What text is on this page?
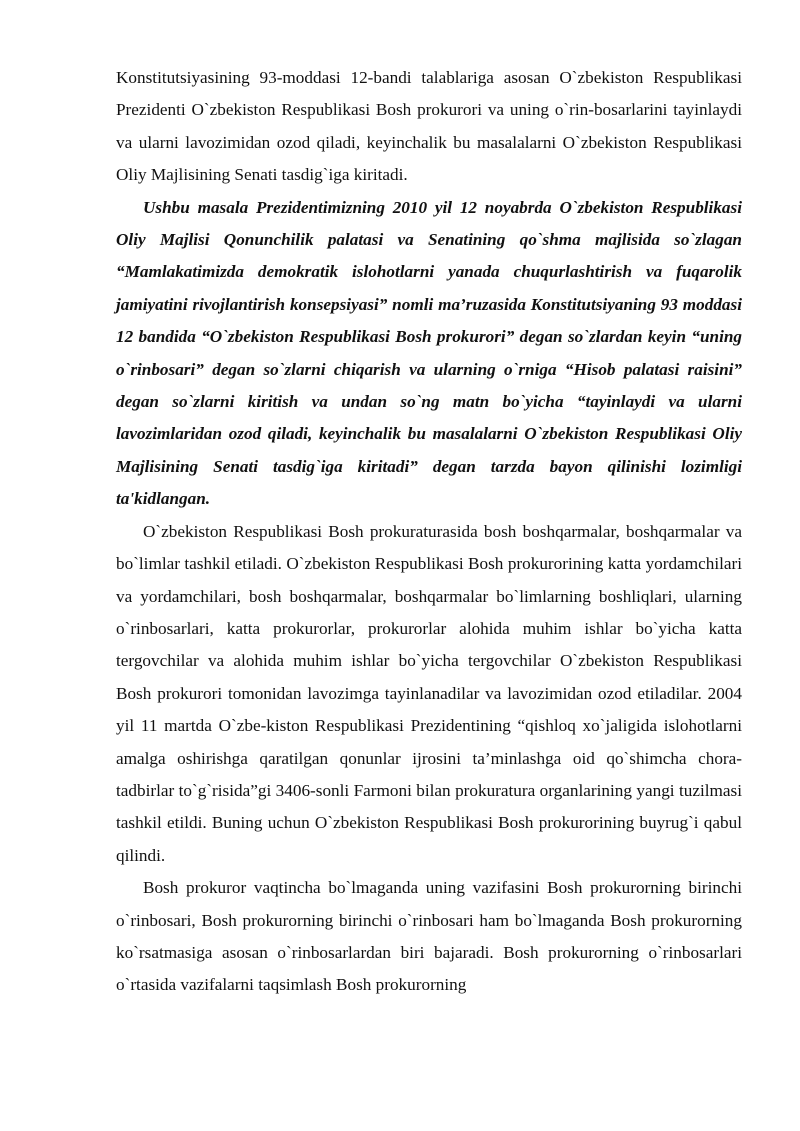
Konstitutsiyasining 93-moddasi 12-bandi talablariga asosan O`zbekiston Respublikasi Prezidenti O`zbekiston Respublikasi Bosh prokurori va uning o`rin-bosarlarini tayinlaydi va ularni lavozimidan ozod qiladi, keyinchalik bu masalalarni O`zbekiston Respublikasi Oliy Majlisining Senati tasdig`iga kiritadi.

Ushbu masala Prezidentimizning 2010 yil 12 noyabrda O`zbekiston Respublikasi Oliy Majlisi Qonunchilik palatasi va Senatining qo`shma majlisida so`zlagan “Mamlakatimizda demokratik islohotlarni yanada chuqurlashtirish va fuqarolik jamiyatini rivojlantirish konsepsiyasi” nomli ma’ruzasida Konstitutsiyaning 93 moddasi 12 bandida “O`zbekiston Respublikasi Bosh prokurori” degan so`zlardan keyin “uning o`rinbosari” degan so`zlarni chiqarish va ularning o`rniga “Hisob palatasi raisini” degan so`zlarni kiritish va undan so`ng matn bo`yicha “tayinlaydi va ularni lavozimlaridan ozod qiladi, keyinchalik bu masalalarni O`zbekiston Respublikasi Oliy Majlisining Senati tasdig`iga kiritadi” degan tarzda bayon qilinishi lozimligi ta'kidlangan.

O`zbekiston Respublikasi Bosh prokuraturasida bosh boshqarmalar, boshqarmalar va bo`limlar tashkil etiladi. O`zbekiston Respublikasi Bosh prokurorining katta yordamchilari va yordamchilari, bosh boshqarmalar, boshqarmalar bo`limlarning boshliqlari, ularning o`rinbosarlari, katta prokurorlar, prokurorlar alohida muhim ishlar bo`yicha katta tergovchilar va alohida muhim ishlar bo`yicha tergovchilar O`zbekiston Respublikasi Bosh prokurori tomonidan lavozimga tayinlanadilar va lavozimidan ozod etiladilar. 2004 yil 11 martda O`zbe-kiston Respublikasi Prezidentining “qishloq xo`jaligida islohotlarni amalga oshirishga qaratilgan qonunlar ijrosini ta’minlashga oid qo`shimcha chora-tadbirlar to`g`risida”gi 3406-sonli Farmoni bilan prokuratura organlarining yangi tuzilmasi tashkil etildi. Buning uchun O`zbekiston Respublikasi Bosh prokurorining buyrug`i qabul qilindi.

Bosh prokuror vaqtincha bo`lmaganda uning vazifasini Bosh prokurorning birinchi o`rinbosari, Bosh prokurorning birinchi o`rinbosari ham bo`lmaganda Bosh prokurorning ko`rsatmasiga asosan o`rinbosarlardan biri bajaradi. Bosh prokurorning o`rinbosarlari o`rtasida vazifalarni taqsimlash Bosh prokurorning
